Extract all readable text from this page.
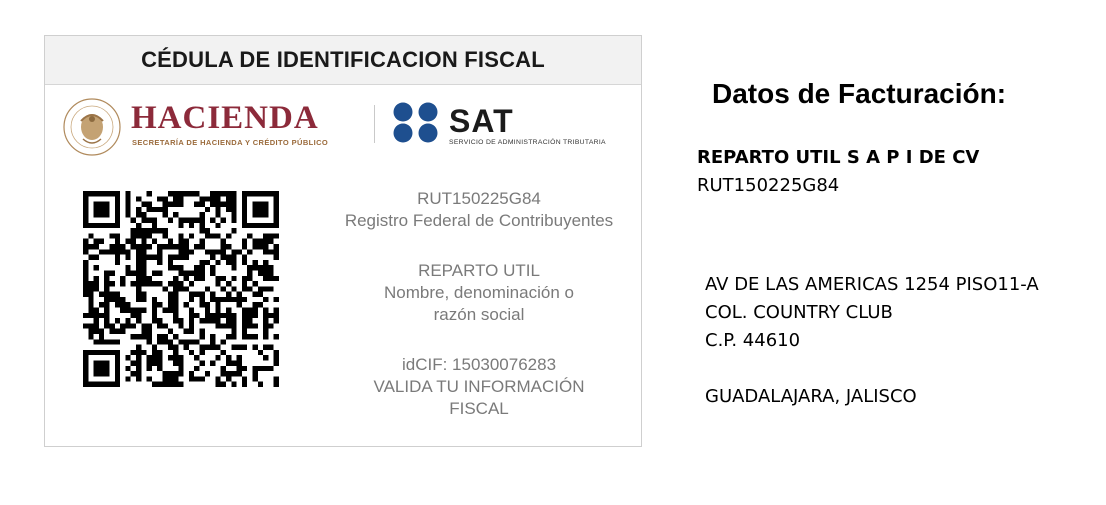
CÉDULA DE IDENTIFICACION FISCAL
HACIENDA
SECRETARÍA DE HACIENDA Y CRÉDITO PÚBLICO
SAT
SERVICIO DE ADMINISTRACIÓN TRIBUTARIA
RUT150225G84
Registro Federal de Contribuyentes
REPARTO UTIL
Nombre, denominación o razón social
idCIF: 15030076283
VALIDA TU INFORMACIÓN FISCAL
Datos de Facturación:
REPARTO UTIL S A P I DE CV
RUT150225G84
AV DE LAS AMERICAS 1254 PISO11-A
COL. COUNTRY CLUB
C.P. 44610
GUADALAJARA, JALISCO
